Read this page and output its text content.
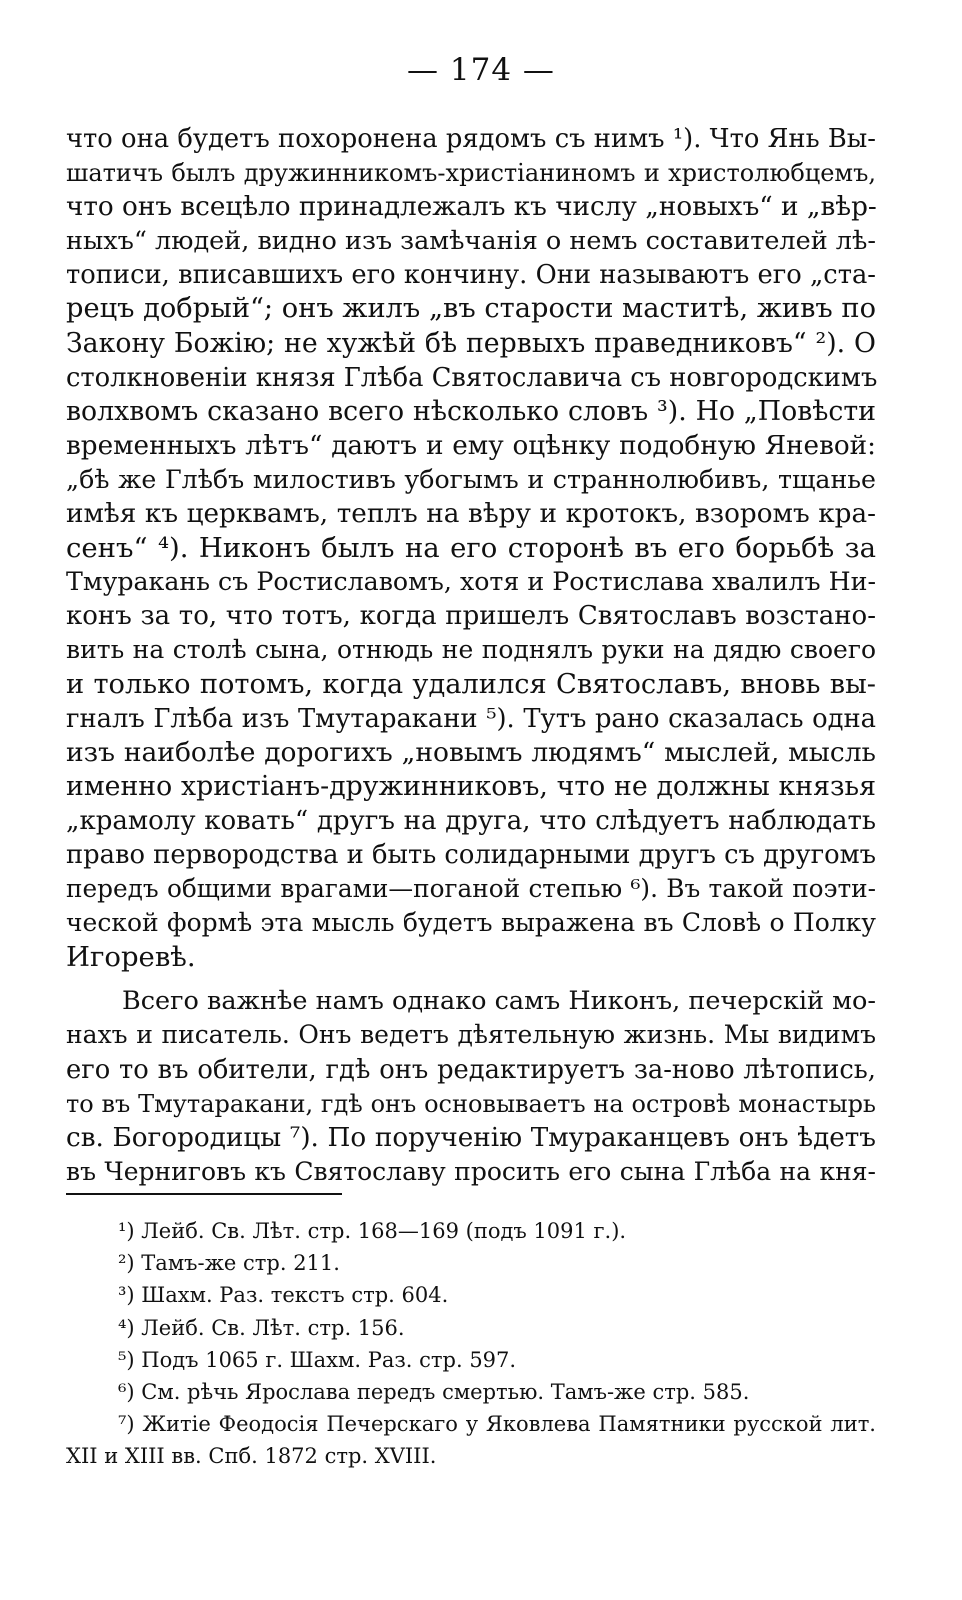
— 174 —
что она будетъ похоронена рядомъ съ нимъ ¹). Что Янь Вы-
шатичъ былъ дружинникомъ-христіаниномъ и христолюбцемъ,
что онъ всецѣло принадлежалъ къ числу „новыхъ“ и „вѣр-
ныхъ“ людей, видно изъ замѣчанія о немъ составителей лѣ-
тописи, вписавшихъ его кончину. Они называютъ его „ста-
рецъ добрый“; онъ жилъ „въ старости маститѣ, живъ по
Закону Божію; не хужѣй бѣ первыхъ праведниковъ“ ²). О
столкновеніи князя Глѣба Святославича съ новгородскимъ
волхвомъ сказано всего нѣсколько словъ ³). Но „Повѣсти
временныхъ лѣтъ“ даютъ и ему оцѣнку подобную Яневой:
„бѣ же Глѣбъ милостивъ убогымъ и страннолюбивъ, тщанье
имѣя къ церквамъ, теплъ на вѣру и кротокъ, взоромъ кра-
сенъ“ ⁴). Никонъ былъ на его сторонѣ въ его борьбѣ за
Тмуракань съ Ростиславомъ, хотя и Ростислава хвалилъ Ни-
конъ за то, что тотъ, когда пришелъ Святославъ возстано-
вить на столѣ сына, отнюдь не поднялъ руки на дядю своего
и только потомъ, когда удалился Святославъ, вновь вы-
гналъ Глѣба изъ Тмутаракани ⁵). Тутъ рано сказалась одна
изъ наиболѣе дорогихъ „новымъ людямъ“ мыслей, мысль
именно христіанъ-дружинниковъ, что не должны князья
„крамолу ковать“ другъ на друга, что слѣдуетъ наблюдать
право первородства и быть солидарными другъ съ другомъ
передъ общими врагами—поганой степью ⁶). Въ такой поэти-
ческой формѣ эта мысль будетъ выражена въ Словѣ о Полку
Игоревѣ.
Всего важнѣе намъ однако самъ Никонъ, печерскій мо-
нахъ и писатель. Онъ ведетъ дѣятельную жизнь. Мы видимъ
его то въ обители, гдѣ онъ редактируетъ за-ново лѣтопись,
то въ Тмутаракани, гдѣ онъ основываетъ на островѣ монастырь
св. Богородицы ⁷). По порученію Тмураканцевъ онъ ѣдетъ
въ Черниговъ къ Святославу просить его сына Глѣба на кня-
¹) Лейб. Св. Лѣт. стр. 168—169 (подъ 1091 г.).
²) Тамъ-же стр. 211.
³) Шахм. Раз. текстъ стр. 604.
⁴) Лейб. Св. Лѣт. стр. 156.
⁵) Подъ 1065 г. Шахм. Раз. стр. 597.
⁶) См. рѣчь Ярослава передъ смертью. Тамъ-же стр. 585.
⁷) Житіе Феодосія Печерскаго у Яковлева Памятники русской лит.
XII и XIII вв. Спб. 1872 стр. XVIII.
